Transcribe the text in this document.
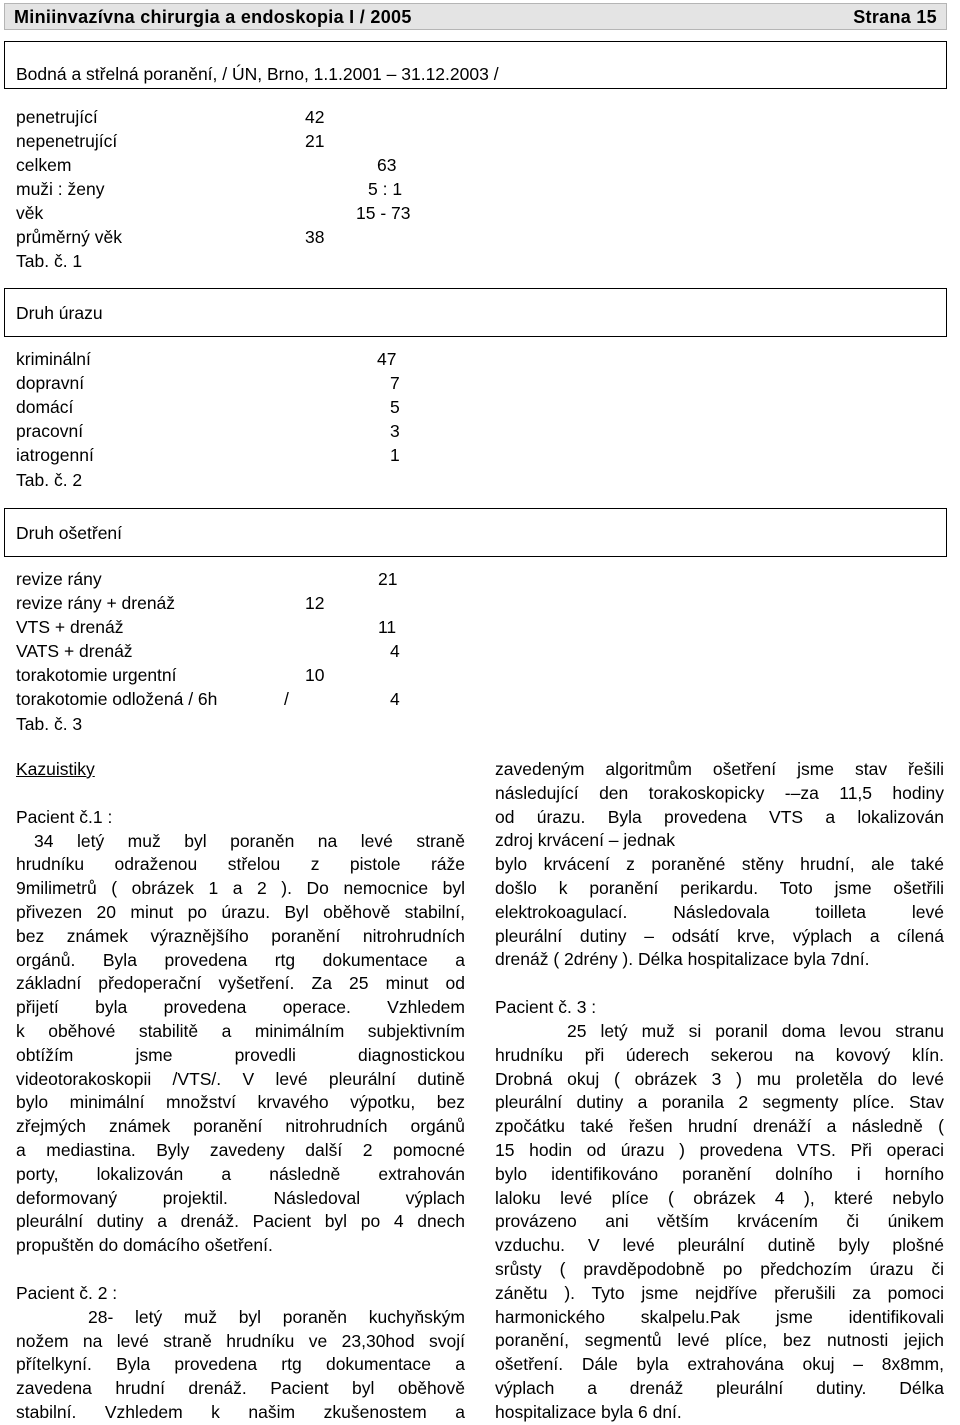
Miniinvazívna chirurgia a endoskopia I / 2005	Strana 15
Bodná a střelná poranění, / ÚN, Brno, 1.1.2001 – 31.12.2003 /
penetrující	42
nepenetrující	21
celkem	63
muži : ženy	5 : 1
věk	15 - 73
průměrný věk	38
Tab. č. 1
Druh úrazu
kriminální	47
dopravní	7
domácí	5
pracovní	3
iatrogenní	1
Tab. č. 2
Druh ošetření
revize rány	21
revize rány + drenáž	12
VTS + drenáž	11
VATS + drenáž	4
torakotomie urgentní	10
torakotomie odložená / 6h	/	4
Tab. č. 3

Kazuistiky

Pacient č.1 :

34 letý muž byl poraněn na levé straně
hrudníku odraženou střelou z pistole ráže
9milimetrů ( obrázek 1 a 2 ). Do nemocnice byl
přivezen 20 minut po úrazu. Byl oběhově stabilní,
bez známek výraznějšího poranění nitrohrudních
orgánů. Byla provedena rtg dokumentace a
základní předoperační vyšetření. Za 25 minut od
přijetí byla provedena operace. Vzhledem
k oběhové stabilitě a minimálním subjektivním
obtížím jsme provedli diagnostickou
videotorakoskopii /VTS/. V levé pleurální dutině
bylo minimální množství krvavého výpotku, bez
zřejmých známek poranění nitrohrudních orgánů
a mediastina. Byly zavedeny další 2 pomocné
porty, lokalizován a následně extrahován
deformovaný projektil. Následoval výplach
pleurální dutiny a drenáž. Pacient byl po 4 dnech
propuštěn do domácího ošetření.

Pacient č. 2 :

28- letý muž byl poraněn kuchyňským
nožem na levé straně hrudníku ve 23,30hod svojí
přítelkyní. Byla provedena rtg dokumentace a
zavedena hrudní drenáž. Pacient byl oběhově
stabilní. Vzhledem k našim zkušenostem a
zavedeným algoritmům ošetření jsme stav řešili
následující den torakoskopicky -–za 11,5 hodiny
od úrazu. Byla provedena VTS a lokalizován
zdroj krvácení – jednak
bylo krvácení z poraněné stěny hrudní, ale také
došlo k poranění perikardu. Toto jsme ošetřili
elektrokoagulací. Následovala toilleta levé
pleurální dutiny – odsátí krve, výplach a cílená
drenáž ( 2drény ). Délka hospitalizace byla 7dní.

Pacient č. 3 :

25 letý muž si poranil doma levou stranu
hrudníku při úderech sekerou na kovový klín.
Drobná okuj ( obrázek 3 ) mu proletěla do levé
pleurální dutiny a poranila 2 segmenty plíce. Stav
zpočátku také řešen hrudní drenáží a následně (
15 hodin od úrazu ) provedena VTS. Při operaci
bylo identifikováno poranění dolního i horního
laloku levé plíce ( obrázek 4 ), které nebylo
provázeno ani větším krvácením či únikem
vzduchu. V levé pleurální dutině byly plošné
srůsty ( pravděpodobně po předchozím úrazu či
zánětu ). Tyto jsme nejdříve přerušili za pomoci
harmonického skalpelu.Pak jsme identifikovali
poranění, segmentů levé plíce, bez nutnosti jejich
ošetření. Dále byla extrahována okuj – 8x8mm,
výplach a drenáž pleurální dutiny. Délka
hospitalizace byla 6 dní.
